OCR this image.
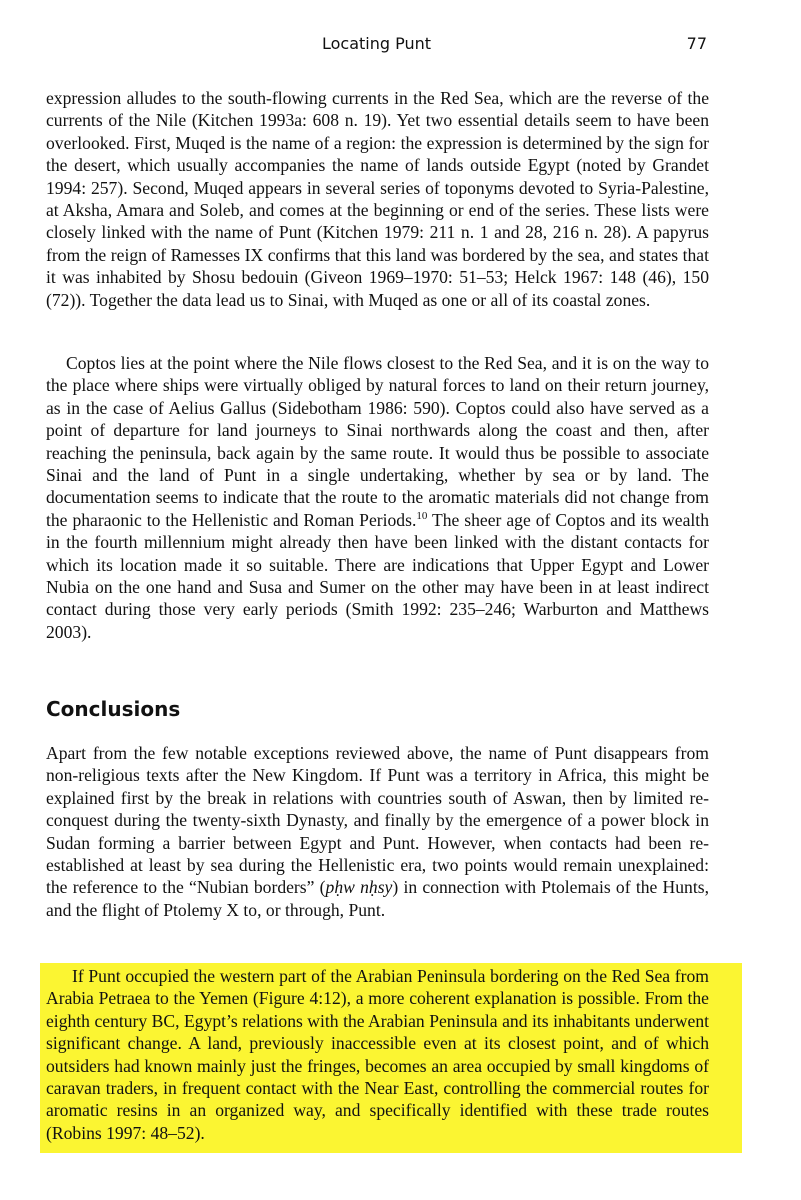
Locating Punt	77

expression alludes to the south-flowing currents in the Red Sea, which are the reverse of the currents of the Nile (Kitchen 1993a: 608 n. 19). Yet two essential details seem to have been overlooked. First, Muqed is the name of a region: the expression is determined by the sign for the desert, which usually accompanies the name of lands outside Egypt (noted by Grandet 1994: 257). Second, Muqed appears in several series of toponyms devoted to Syria-Palestine, at Aksha, Amara and Soleb, and comes at the beginning or end of the series. These lists were closely linked with the name of Punt (Kitchen 1979: 211 n. 1 and 28, 216 n. 28). A papyrus from the reign of Ramesses IX confirms that this land was bordered by the sea, and states that it was inhabited by Shosu bedouin (Giveon 1969–1970: 51–53; Helck 1967: 148 (46), 150 (72)). Together the data lead us to Sinai, with Muqed as one or all of its coastal zones.

Coptos lies at the point where the Nile flows closest to the Red Sea, and it is on the way to the place where ships were virtually obliged by natural forces to land on their return journey, as in the case of Aelius Gallus (Sidebotham 1986: 590). Coptos could also have served as a point of departure for land journeys to Sinai northwards along the coast and then, after reaching the peninsula, back again by the same route. It would thus be possible to associate Sinai and the land of Punt in a single undertaking, whether by sea or by land. The documentation seems to indicate that the route to the aromatic materials did not change from the pharaonic to the Hellenistic and Roman Periods.$^{10}$ The sheer age of Coptos and its wealth in the fourth millennium might already then have been linked with the distant contacts for which its location made it so suitable. There are indications that Upper Egypt and Lower Nubia on the one hand and Susa and Sumer on the other may have been in at least indirect contact during those very early periods (Smith 1992: 235–246; Warburton and Matthews 2003).

Conclusions

Apart from the few notable exceptions reviewed above, the name of Punt disappears from non-religious texts after the New Kingdom. If Punt was a territory in Africa, this might be explained first by the break in relations with countries south of Aswan, then by limited re-conquest during the twenty-sixth Dynasty, and finally by the emergence of a power block in Sudan forming a barrier between Egypt and Punt. However, when contacts had been re-established at least by sea during the Hellenistic era, two points would remain unexplained: the reference to the “Nubian borders” (pḥw nḥsy) in connection with Ptolemais of the Hunts, and the flight of Ptolemy X to, or through, Punt.

If Punt occupied the western part of the Arabian Peninsula bordering on the Red Sea from Arabia Petraea to the Yemen (Figure 4:12), a more coherent explanation is possible. From the eighth century BC, Egypt’s relations with the Arabian Peninsula and its inhabitants underwent significant change. A land, previously inaccessible even at its closest point, and of which outsiders had known mainly just the fringes, becomes an area occupied by small kingdoms of caravan traders, in frequent contact with the Near East, controlling the commercial routes for aromatic resins in an organized way, and specifically identified with these trade routes (Robins 1997: 48–52).
